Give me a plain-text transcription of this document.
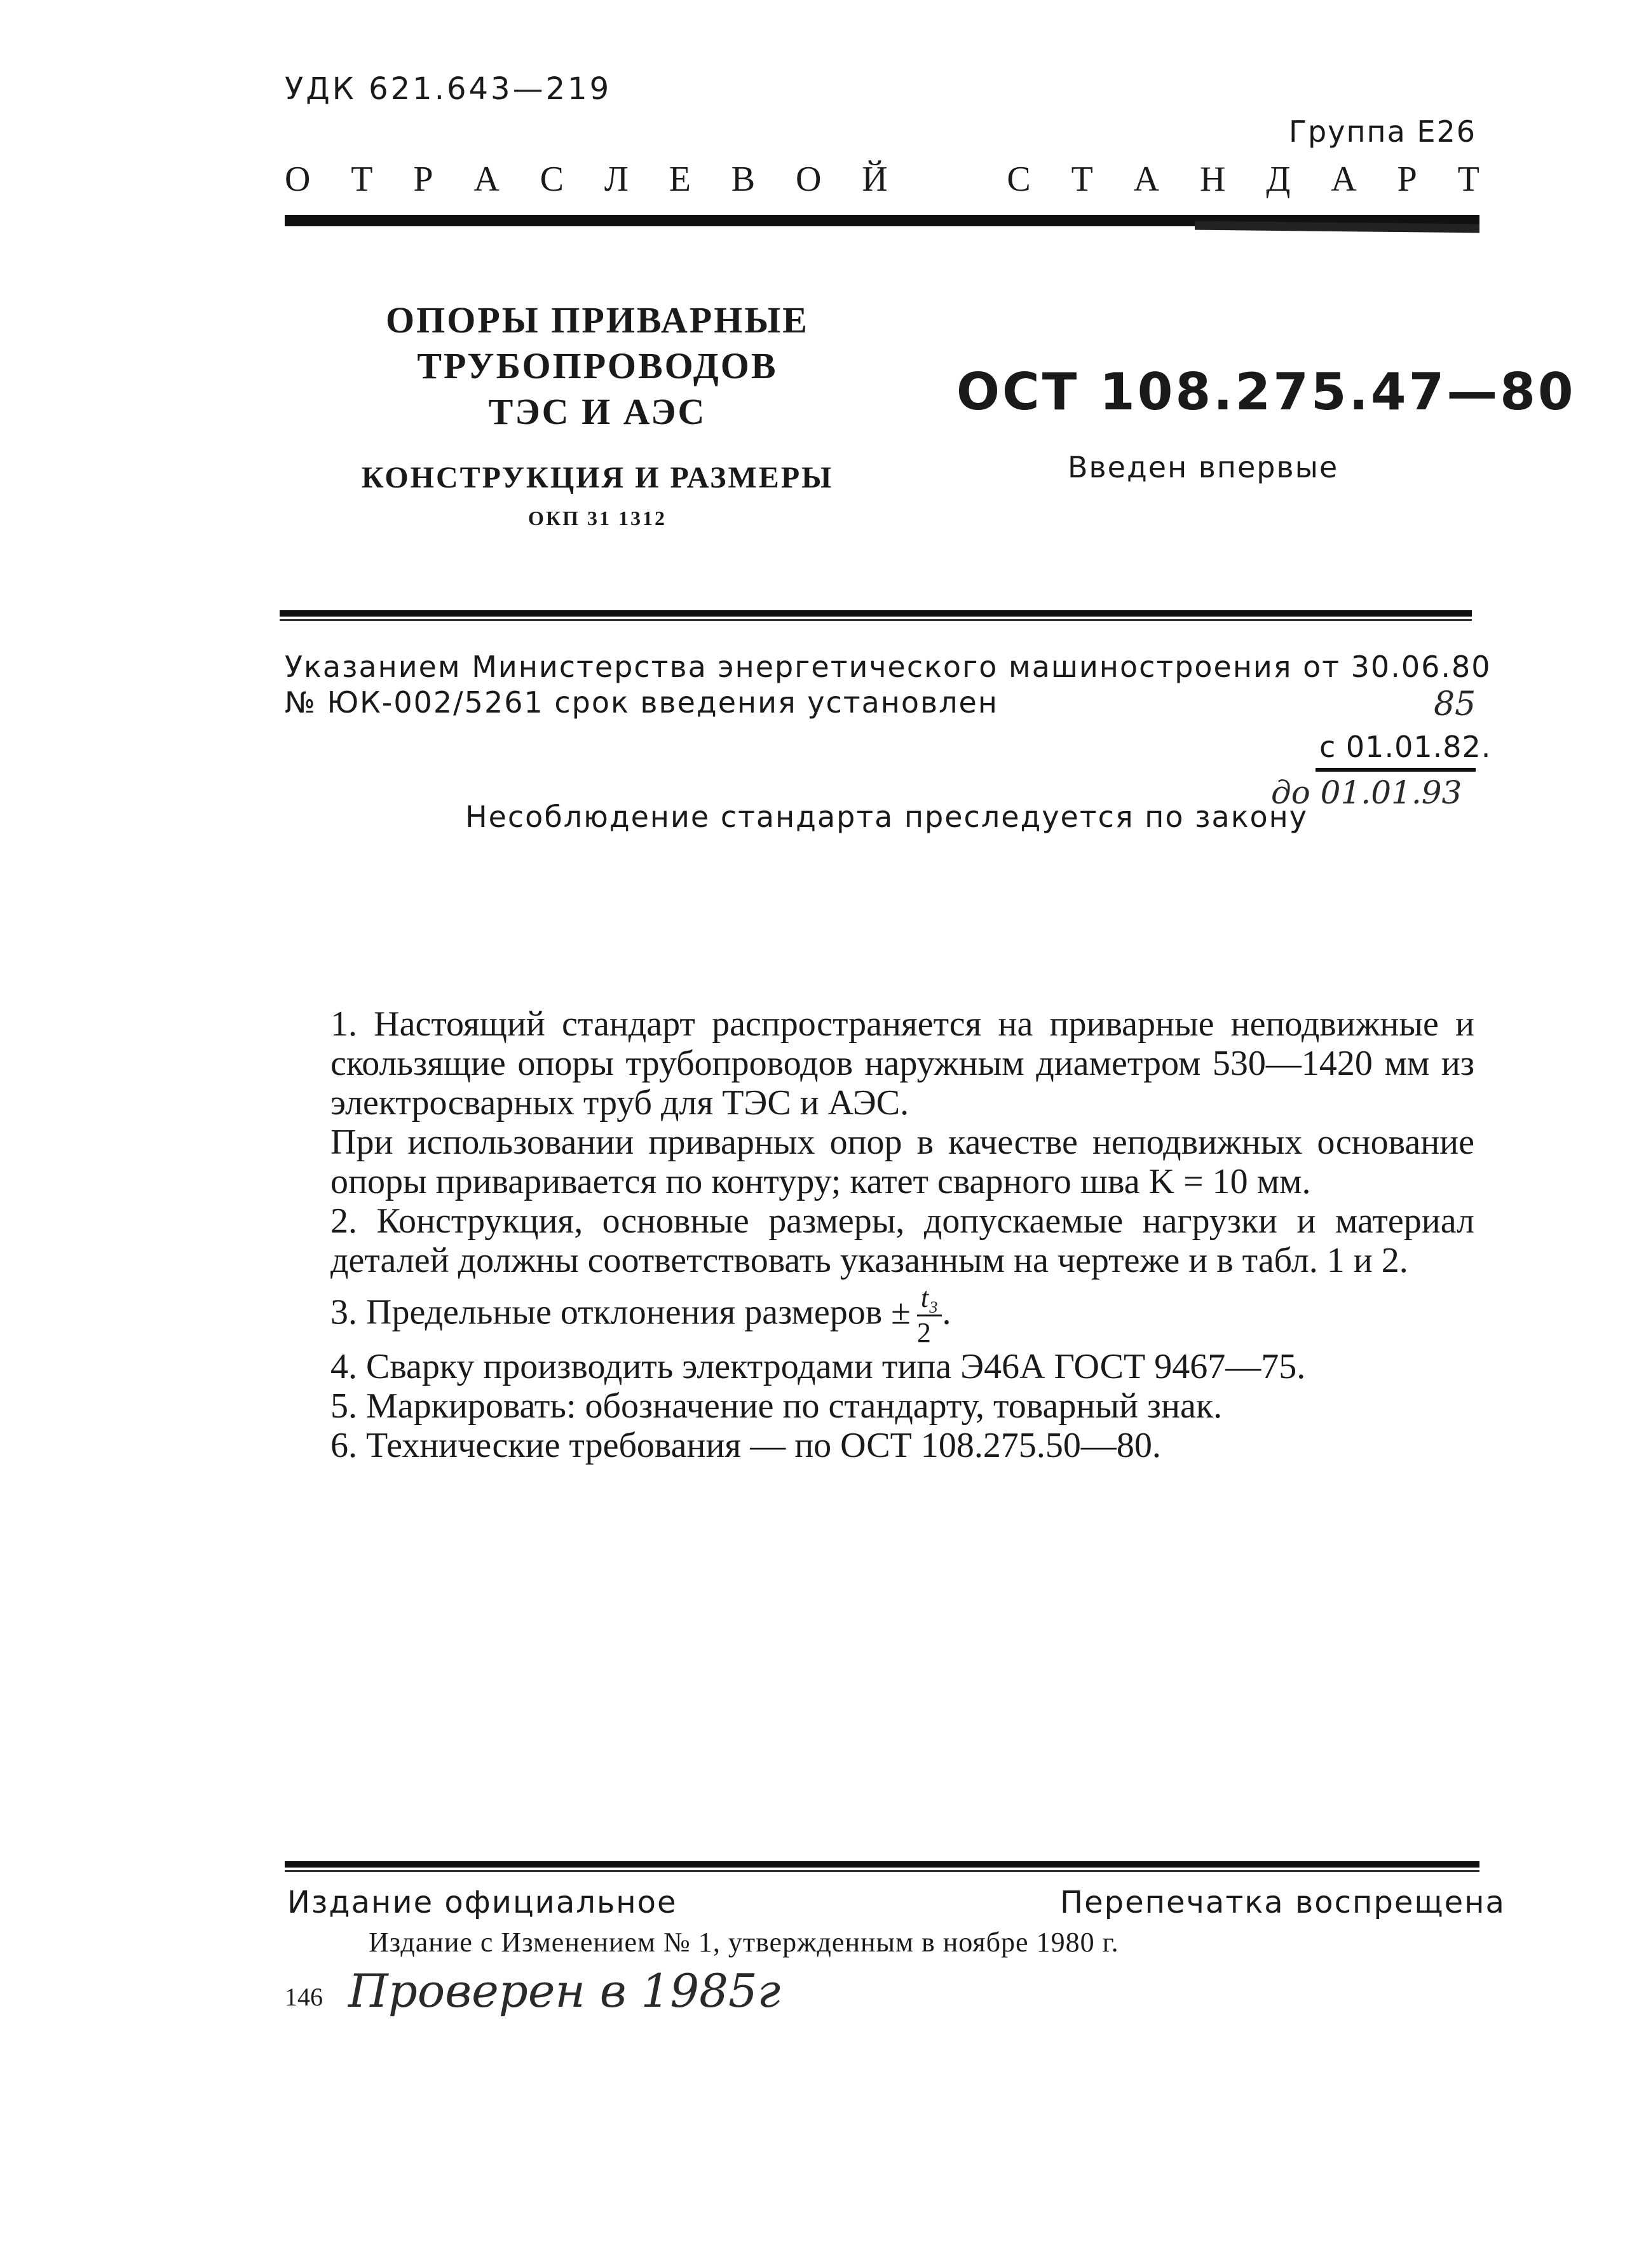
УДК 621.643—219
Группа Е26
О Т Р А С Л Е В О Й	С Т А Н Д А Р Т
ОПОРЫ ПРИВАРНЫЕ
ТРУБОПРОВОДОВ
ТЭС И АЭС
КОНСТРУКЦИЯ И РАЗМЕРЫ
ОКП 31 1312
ОСТ 108.275.47—80
Введен впервые
Указанием Министерства энергетического машиностроения от 30.06.80
№ ЮК-002/5261 срок введения установлен
с 01.01.82.
85
до 01.01.93
Несоблюдение стандарта преследуется по закону

1. Настоящий стандарт распространяется на приварные неподвижные и скользящие опоры трубопроводов наружным диаметром 530—1420 мм из электросварных труб для ТЭС и АЭС.

При использовании приварных опор в качестве неподвижных основание опоры приваривается по контуру; катет сварного шва K = 10 мм.

2. Конструкция, основные размеры, допускаемые нагрузки и материал деталей должны соответствовать указанным на чертеже и в табл. 1 и 2.

3. Предельные отклонения размеров ± $\frac{\text{t₃}}{2}$ .

4. Сварку производить электродами типа Э46А ГОСТ 9467—75.

5. Маркировать: обозначение по стандарту, товарный знак.

6. Технические требования — по ОСТ 108.275.50—80.

Издание официальное	Перепечатка воспрещена
Издание с Изменением № 1, утвержденным в ноябре 1980 г.
146 Проверен в 1985г
